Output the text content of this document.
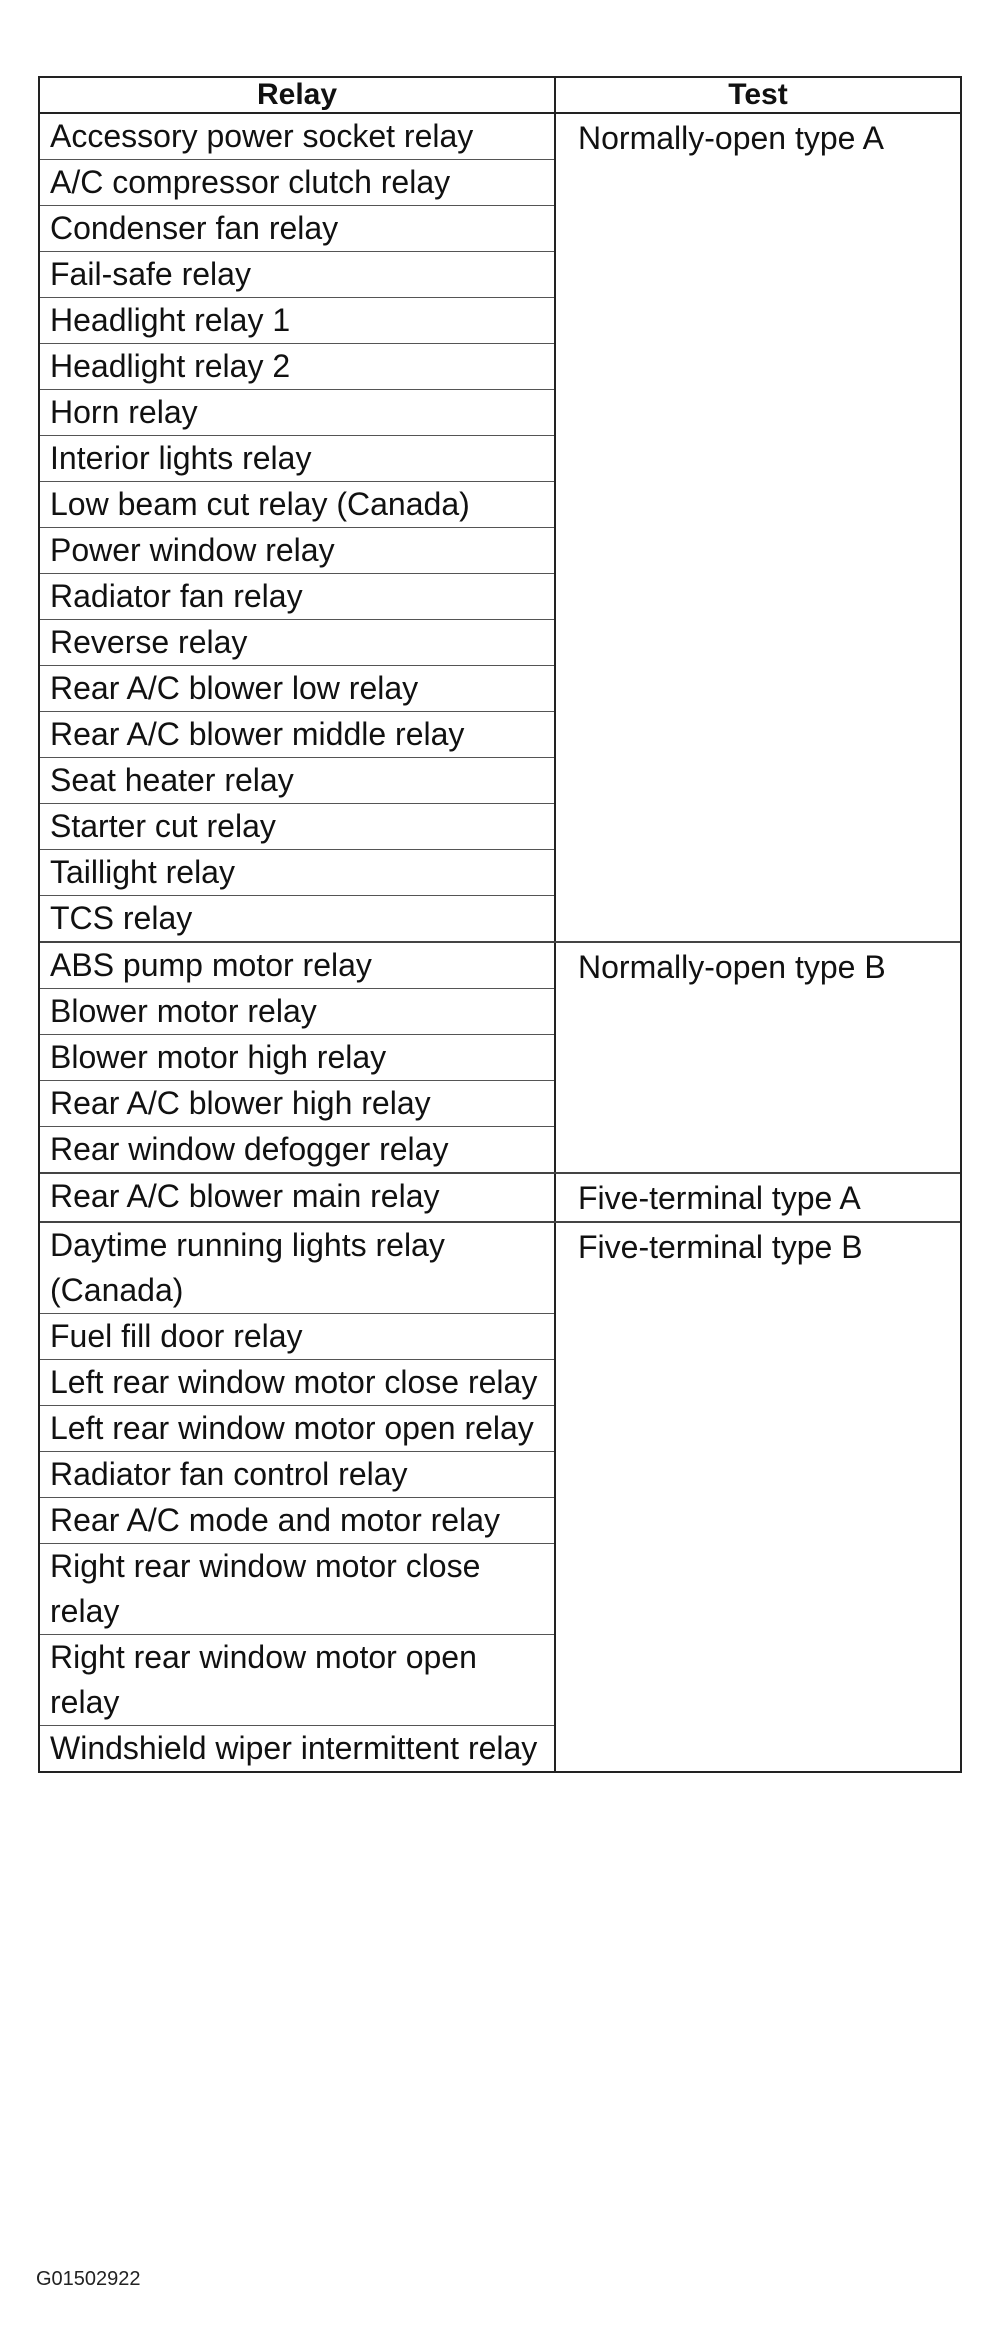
Relay	Test
Accessory power socket relay
A/C compressor clutch relay
Condenser fan relay
Fail-safe relay
Headlight relay 1
Headlight relay 2
Horn relay
Interior lights relay
Low beam cut relay (Canada)
Power window relay
Radiator fan relay
Reverse relay
Rear A/C blower low relay
Rear A/C blower middle relay
Seat heater relay
Starter cut relay
Taillight relay
TCS relay
Normally-open type A
ABS pump motor relay
Blower motor relay
Blower motor high relay
Rear A/C blower high relay
Rear window defogger relay
Normally-open type B
Rear A/C blower main relay	Five-terminal type A
Daytime running lights relay (Canada)
Fuel fill door relay
Left rear window motor close relay
Left rear window motor open relay
Radiator fan control relay
Rear A/C mode and motor relay
Right rear window motor close relay
Right rear window motor open relay
Windshield wiper intermittent relay
Five-terminal type B
G01502922
